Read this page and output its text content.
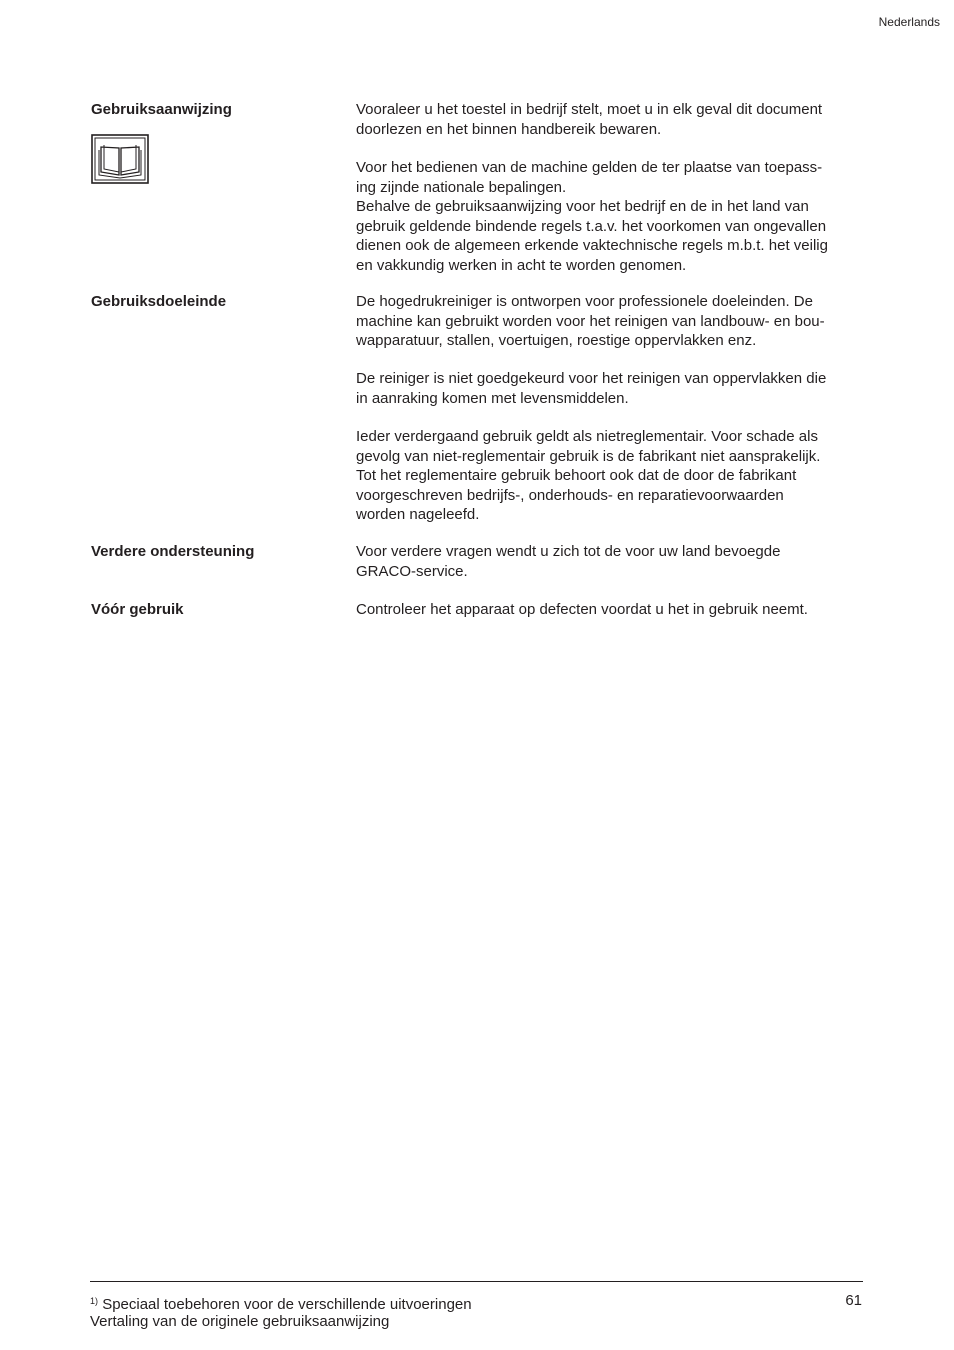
Nederlands
Gebruiksaanwijzing	Vooraleer u het toestel in bedrijf stelt, moet u in elk geval dit document
doorlezen en het binnen handbereik bewaren.
Voor het bedienen van de machine gelden de ter plaatse van toepass-
ing zijnde nationale bepalingen.
Behalve de gebruiksaanwijzing voor het bedrijf en de in het land van
gebruik geldende bindende regels t.a.v. het voorkomen van ongevallen
dienen ook de algemeen erkende vaktechnische regels m.b.t. het veilig
en vakkundig werken in acht te worden genomen.
Gebruiksdoeleinde	De hogedrukreiniger is ontworpen voor professionele doeleinden. De
machine kan gebruikt worden voor het reinigen van landbouw- en bou-
wapparatuur, stallen, voertuigen, roestige oppervlakken enz.
De reiniger is niet goedgekeurd voor het reinigen van oppervlakken die
in aanraking komen met levensmiddelen.
Ieder verdergaand gebruik geldt als nietreglementair. Voor schade als
gevolg van niet-reglementair gebruik is de fabrikant niet aansprakelijk.
Tot het reglementaire gebruik behoort ook dat de door de fabrikant
voorgeschreven bedrijfs-, onderhouds- en reparatievoorwaarden
worden nageleefd.
Verdere ondersteuning	Voor verdere vragen wendt u zich tot de voor uw land bevoegde
GRACO-service.
Vóór gebruik	Controleer het apparaat op defecten voordat u het in gebruik neemt.
$^{1)}$ Speciaal toebehoren voor de verschillende uitvoeringen
Vertaling van de originele gebruiksaanwijzing
61
